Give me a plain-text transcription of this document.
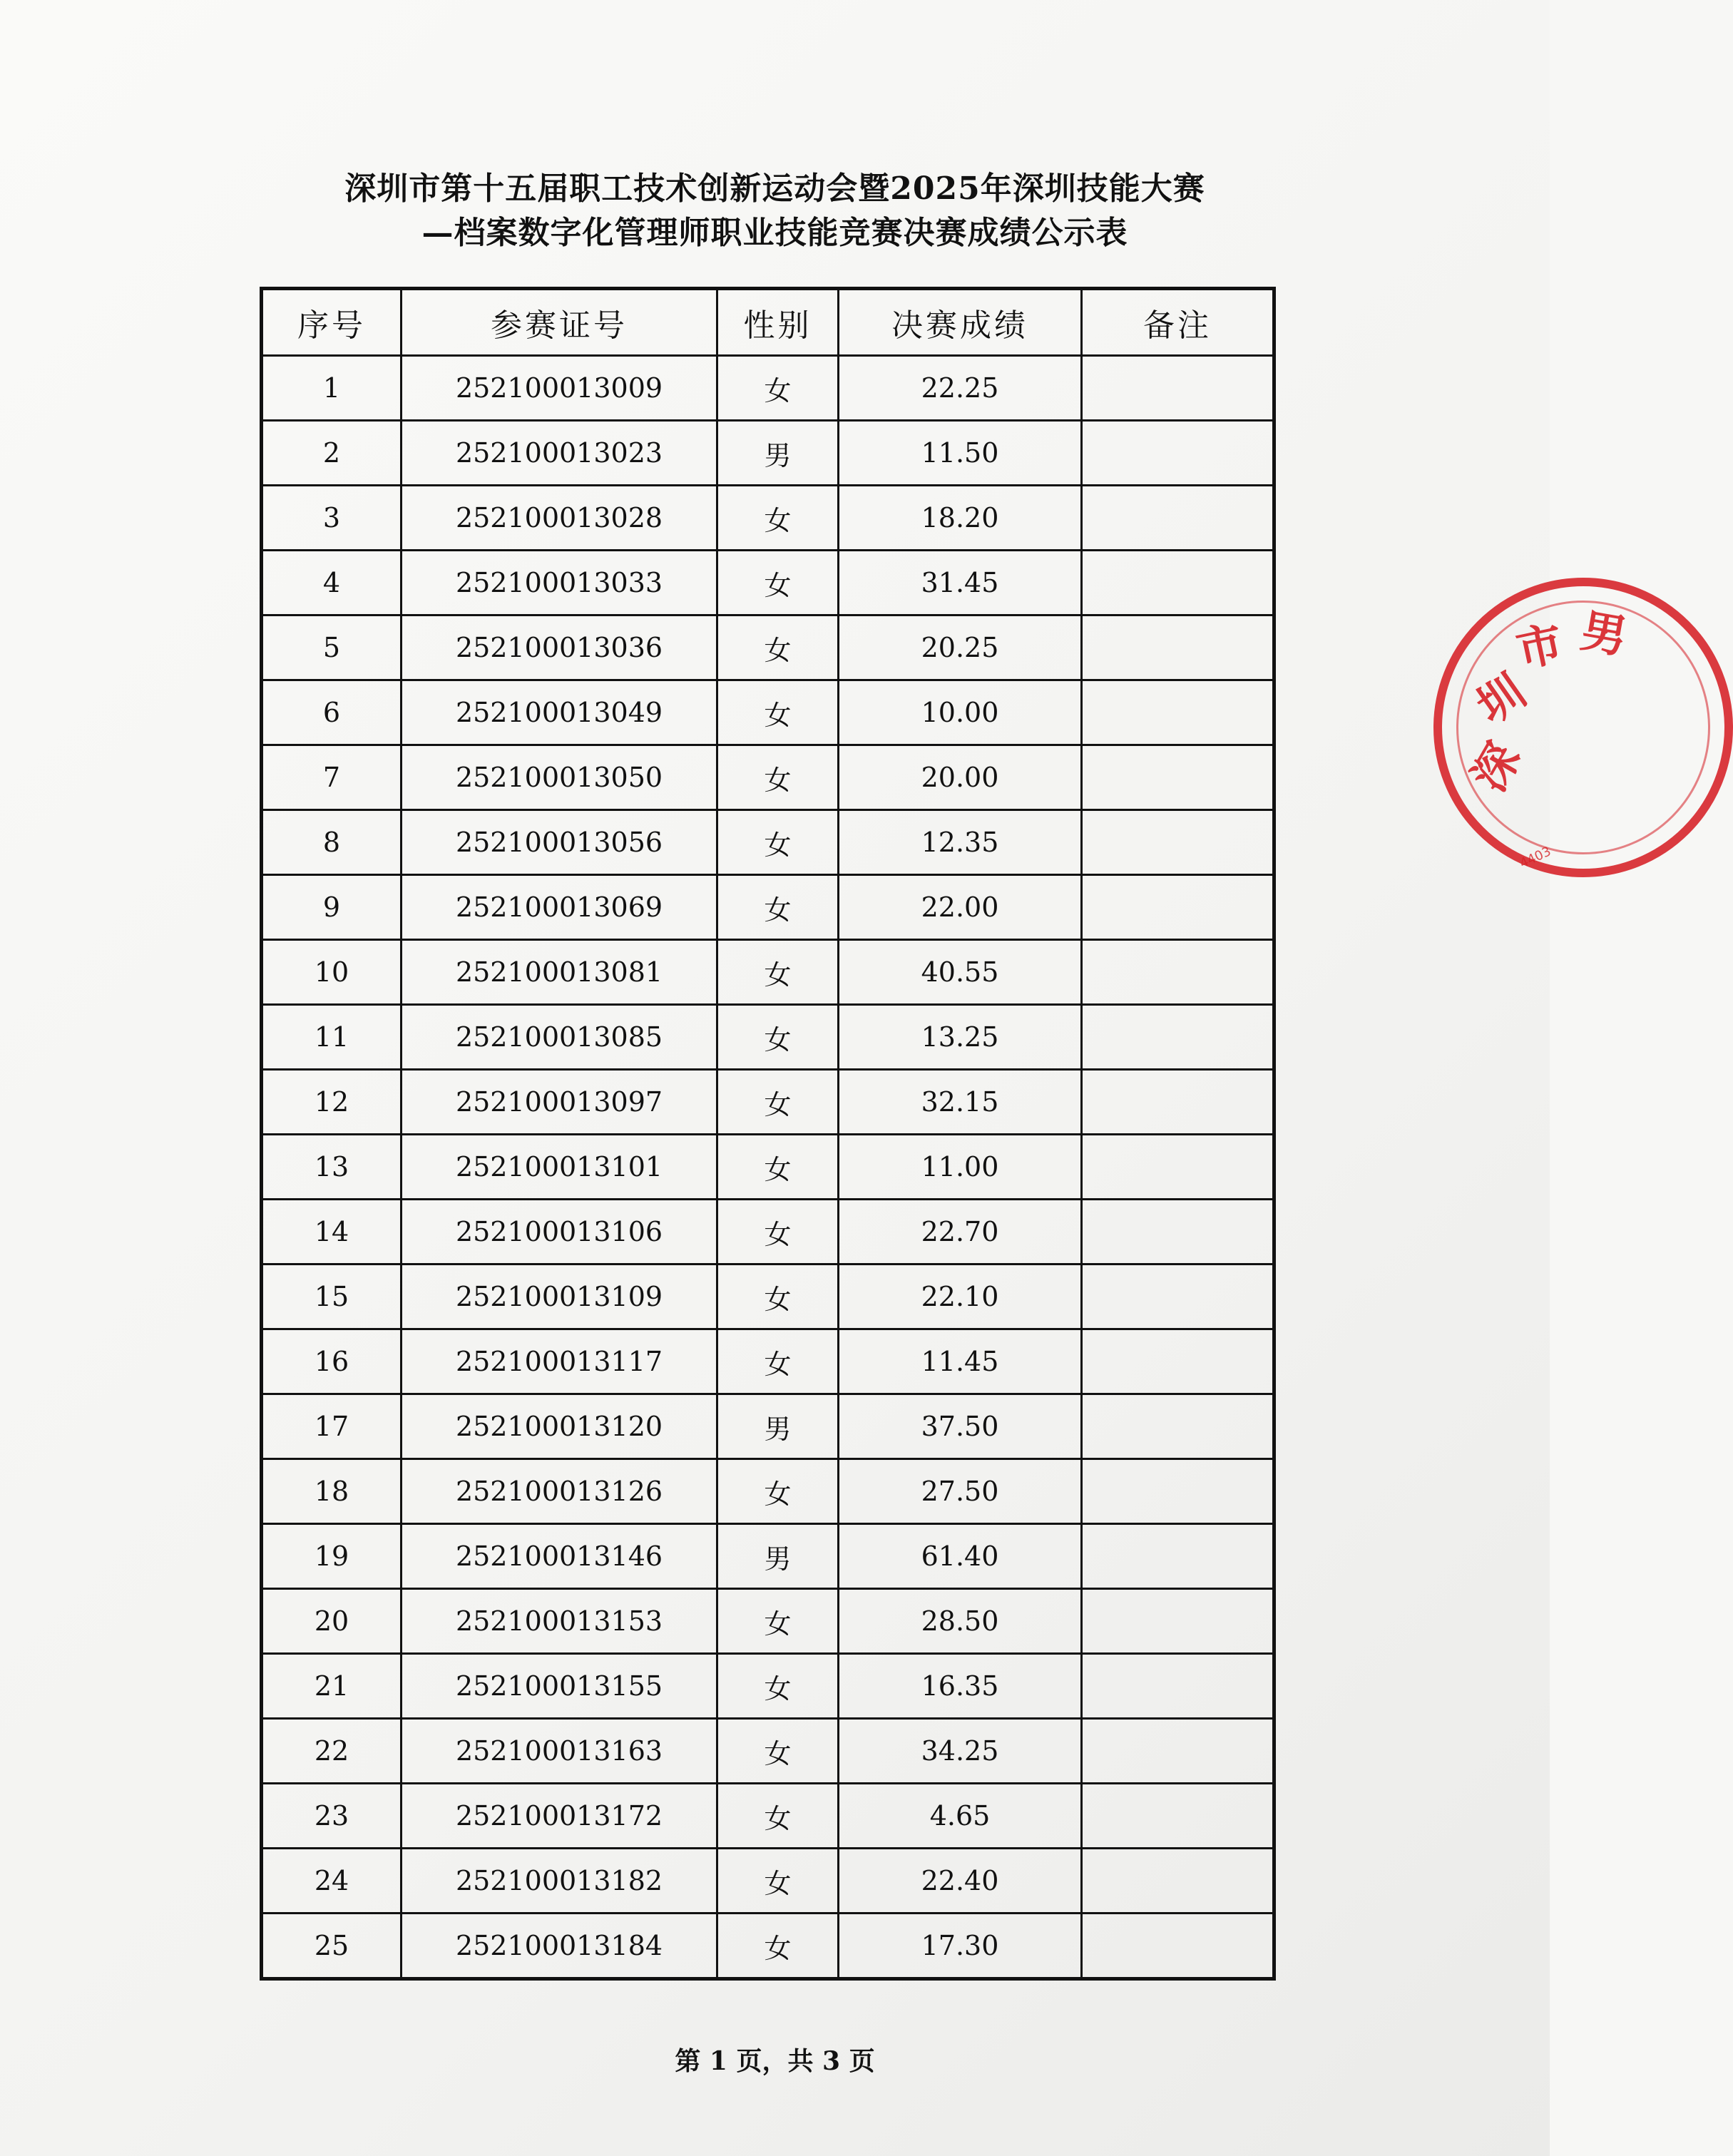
深圳市第十五届职工技术创新运动会暨2025年深圳技能大赛
—档案数字化管理师职业技能竞赛决赛成绩公示表
序号	参赛证号	性别	决赛成绩	备注
1	252100013009	女	22.25	
2	252100013023	男	11.50	
3	252100013028	女	18.20	
4	252100013033	女	31.45	
5	252100013036	女	20.25	
6	252100013049	女	10.00	
7	252100013050	女	20.00	
8	252100013056	女	12.35	
9	252100013069	女	22.00	
10	252100013081	女	40.55	
11	252100013085	女	13.25	
12	252100013097	女	32.15	
13	252100013101	女	11.00	
14	252100013106	女	22.70	
15	252100013109	女	22.10	
16	252100013117	女	11.45	
17	252100013120	男	37.50	
18	252100013126	女	27.50	
19	252100013146	男	61.40	
20	252100013153	女	28.50	
21	252100013155	女	16.35	
22	252100013163	女	34.25	
23	252100013172	女	4.65	
24	252100013182	女	22.40	
25	252100013184	女	17.30	
深
圳
市 男
4403
第 1 页，共 3 页
